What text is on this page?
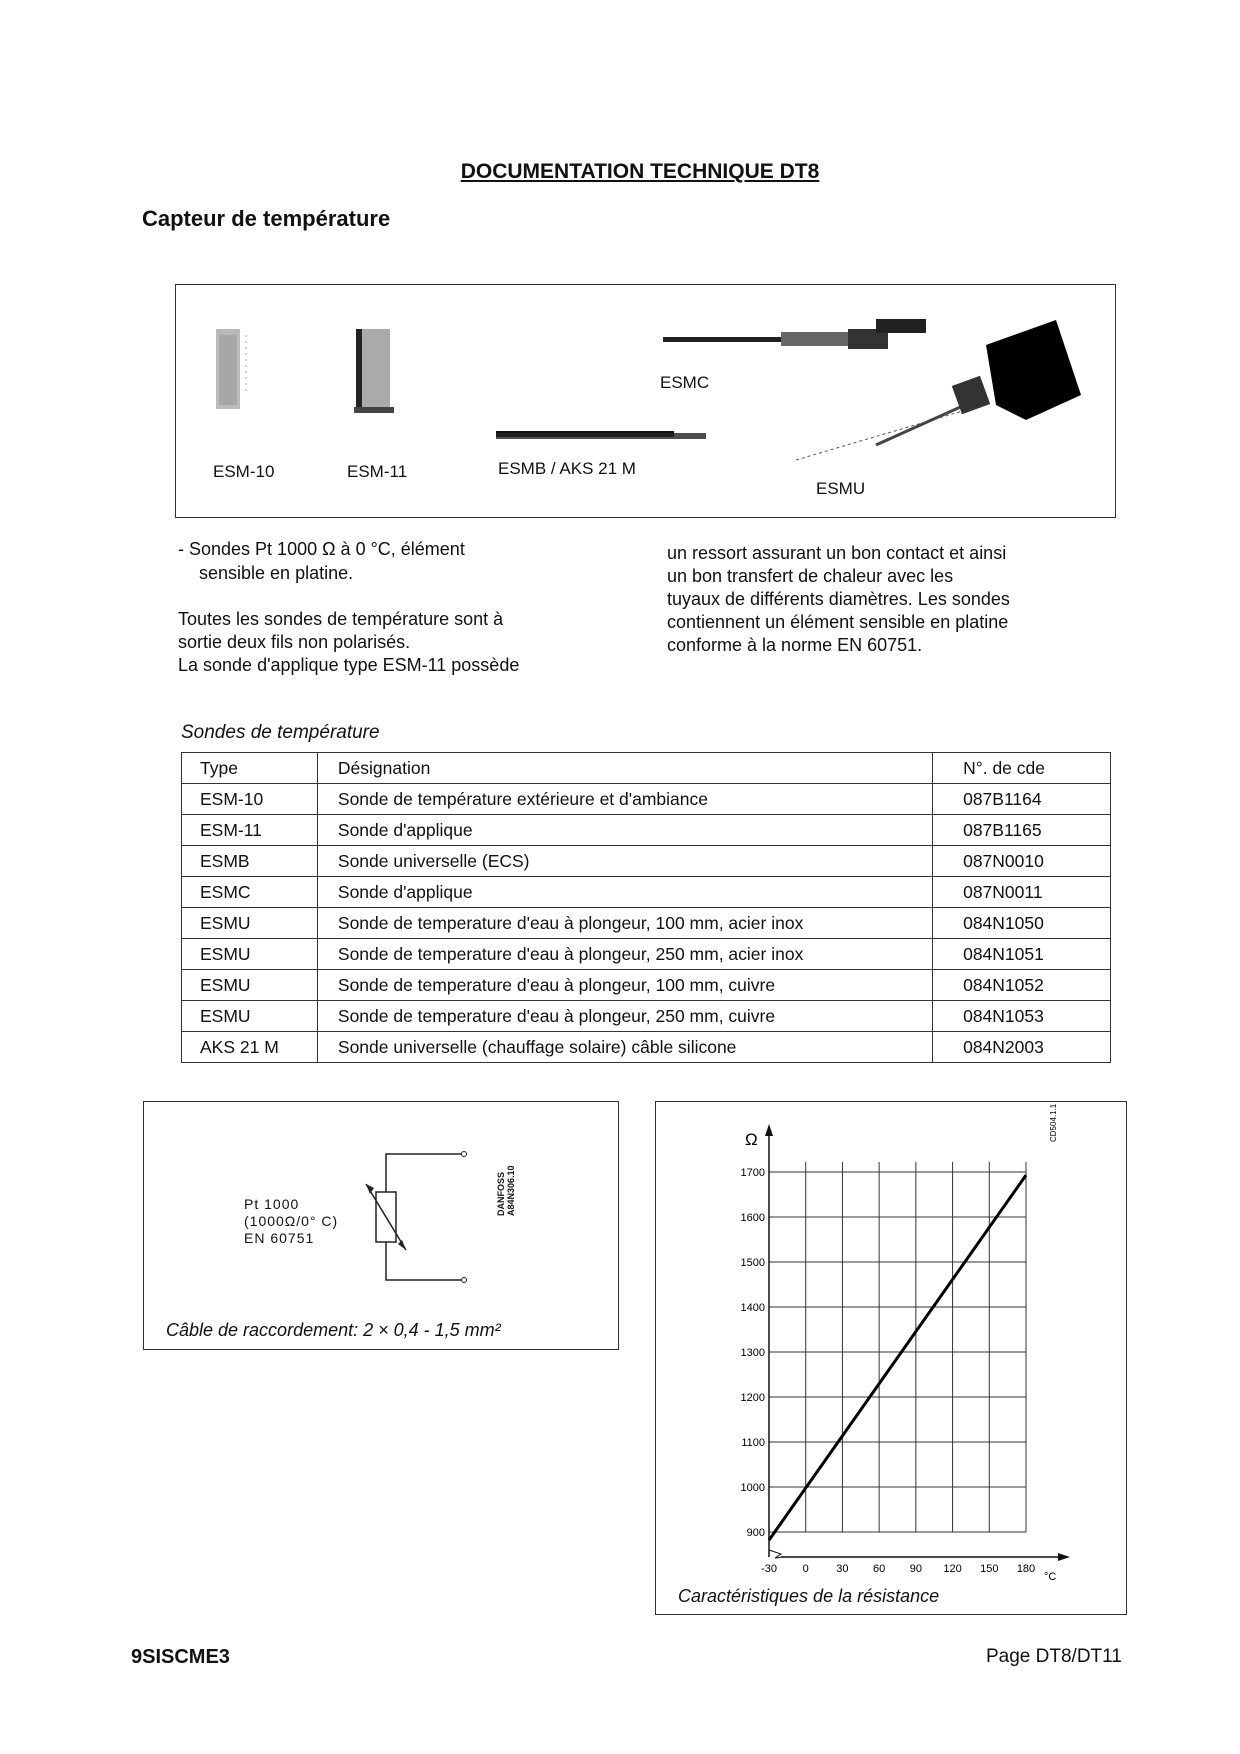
DOCUMENTATION TECHNIQUE DT8
Capteur de température
ESM-10	ESM-11	ESMB / AKS 21 M
ESMC
ESMU
- Sondes Pt 1000 Ω à 0 °C, élément
sensible en platine.
Toutes les sondes de température sont à
sortie deux fils non polarisés.
La sonde d'applique type ESM-11 possède
un ressort assurant un bon contact et ainsi
un bon transfert de chaleur avec les
tuyaux de différents diamètres. Les sondes
contiennent un élément sensible en platine
conforme à la norme EN 60751.
Sondes de température
Type	Désignation	N°. de cde
ESM-10	Sonde de température extérieure et d'ambiance	087B1164
ESM-11	Sonde d'applique	087B1165
ESMB	Sonde universelle (ECS)	087N0010
ESMC	Sonde d'applique	087N0011
ESMU	Sonde de temperature d'eau à plongeur, 100 mm, acier inox	084N1050
ESMU	Sonde de temperature d'eau à plongeur, 250 mm, acier inox	084N1051
ESMU	Sonde de temperature d'eau à plongeur, 100 mm, cuivre	084N1052
ESMU	Sonde de temperature d'eau à plongeur, 250 mm, cuivre	084N1053
AKS 21 M	Sonde universelle (chauffage solaire) câble silicone	084N2003
Pt 1000
(1000Ω/0° C)
EN 60751
DANFOSS A84N306.10
Câble de raccordement: 2 × 0,4 - 1,5 mm²
-30 0	30 60 90 120 150 180
900
1000
1100
1200
1300
1400
1500
1600
1700
Ω
°C
CD504.1.1
Caractéristiques de la résistance
9SISCME3	Page DT8/DT11
